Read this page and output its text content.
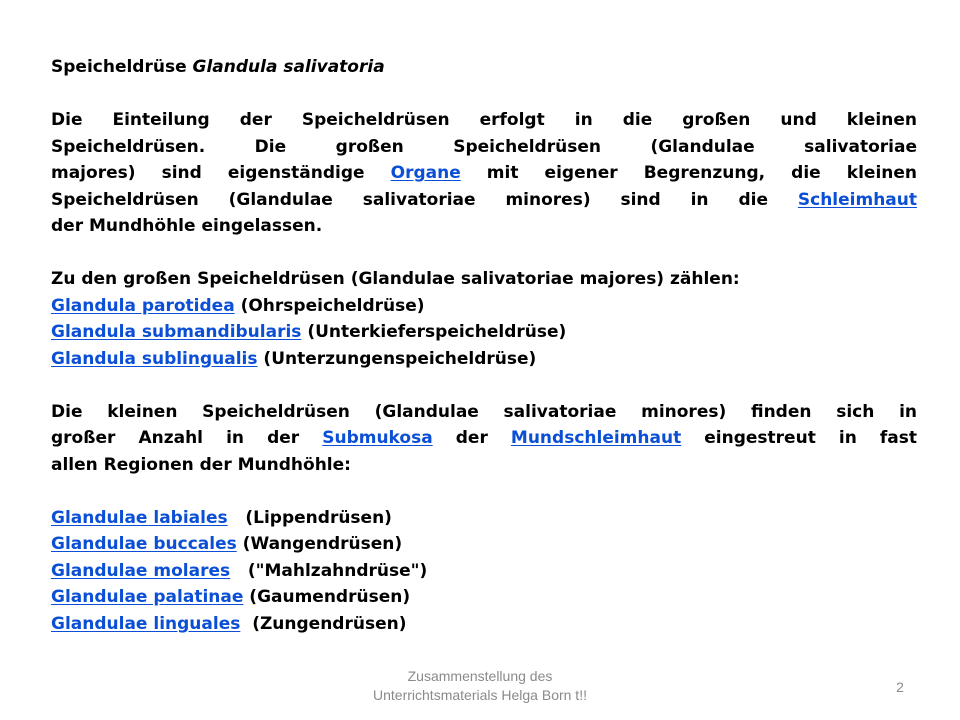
Speicheldrüse Glandula salivatoria
Die Einteilung der Speicheldrüsen erfolgt in die großen und kleinen
Speicheldrüsen. Die großen Speicheldrüsen (Glandulae salivatoriae
majores) sind eigenständige Organe mit eigener Begrenzung, die kleinen
Speicheldrüsen (Glandulae salivatoriae minores) sind in die Schleimhaut
der Mundhöhle eingelassen.
Zu den großen Speicheldrüsen (Glandulae salivatoriae majores) zählen:
Glandula parotidea (Ohrspeicheldrüse)
Glandula submandibularis (Unterkieferspeicheldrüse)
Glandula sublingualis (Unterzungenspeicheldrüse)
Die kleinen Speicheldrüsen (Glandulae salivatoriae minores) finden sich in
großer Anzahl in der Submukosa der Mundschleimhaut eingestreut in fast
allen Regionen der Mundhöhle:
Glandulae labiales   (Lippendrüsen)
Glandulae buccales (Wangendrüsen)
Glandulae molares   ("Mahlzahndrüse")
Glandulae palatinae (Gaumendrüsen)
Glandulae linguales  (Zungendrüsen)
Zusammenstellung des
Unterrichtsmaterials Helga Born t!!	2
